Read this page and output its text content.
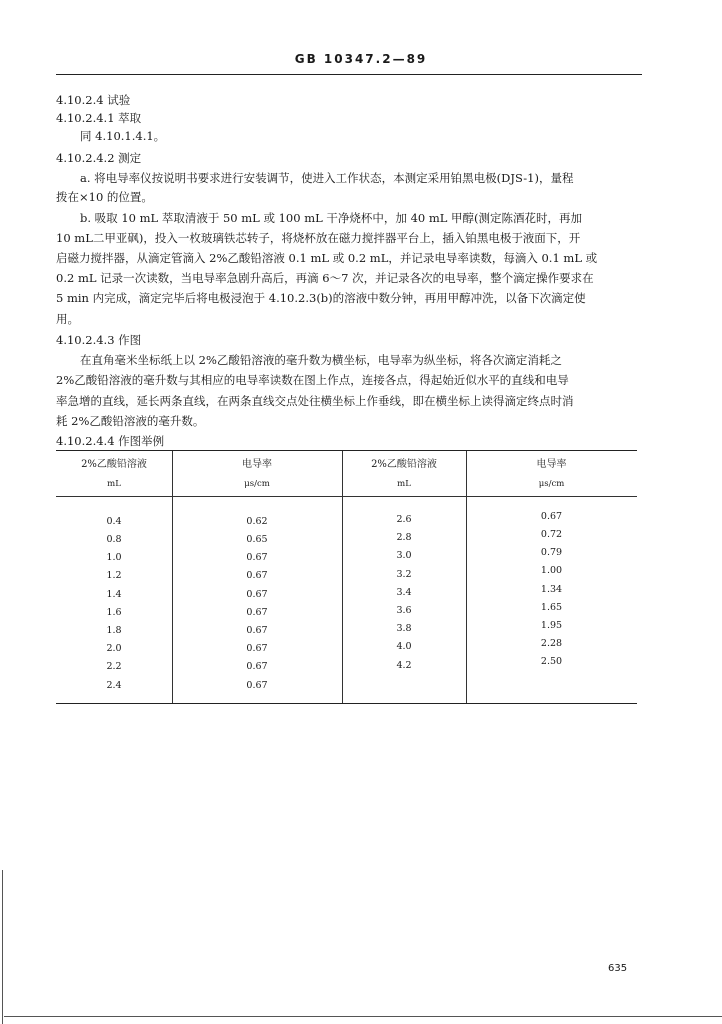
GB 10347.2—89
4.10.2.4 试验
4.10.2.4.1 萃取
同 4.10.1.4.1。
4.10.2.4.2 测定
a. 将电导率仪按说明书要求进行安装调节，使进入工作状态，本测定采用铂黑电极(DJS-1)，量程
拨在×10 的位置。
b. 吸取 10 mL 萃取清液于 50 mL 或 100 mL 干净烧杯中，加 40 mL 甲醇(测定陈酒花时，再加
10 mL二甲亚砜)，投入一枚玻璃铁芯转子，将烧杯放在磁力搅拌器平台上，插入铂黑电极于液面下，开
启磁力搅拌器，从滴定管滴入 2%乙酸铅溶液 0.1 mL 或 0.2 mL，并记录电导率读数，每滴入 0.1 mL 或
0.2 mL 记录一次读数，当电导率急剧升高后，再滴 6～7 次，并记录各次的电导率，整个滴定操作要求在
5 min 内完成，滴定完毕后将电极浸泡于 4.10.2.3(b)的溶液中数分钟，再用甲醇冲洗，以备下次滴定使
用。
4.10.2.4.3 作图
在直角毫米坐标纸上以 2%乙酸铅溶液的毫升数为横坐标，电导率为纵坐标，将各次滴定消耗之
2%乙酸铅溶液的毫升数与其相应的电导率读数在图上作点，连接各点，得起始近似水平的直线和电导
率急增的直线，延长两条直线，在两条直线交点处往横坐标上作垂线，即在横坐标上读得滴定终点时消
耗 2%乙酸铅溶液的毫升数。
4.10.2.4.4 作图举例
2%乙酸铅溶液
mL
电导率
μs/cm
2%乙酸铅溶液
mL
电导率
μs/cm
0.4
0.8
1.0
1.2
1.4
1.6
1.8
2.0
2.2
2.4
0.62
0.65
0.67
0.67
0.67
0.67
0.67
0.67
0.67
0.67
2.6
2.8
3.0
3.2
3.4
3.6
3.8
4.0
4.2
0.67
0.72
0.79
1.00
1.34
1.65
1.95
2.28
2.50
635
